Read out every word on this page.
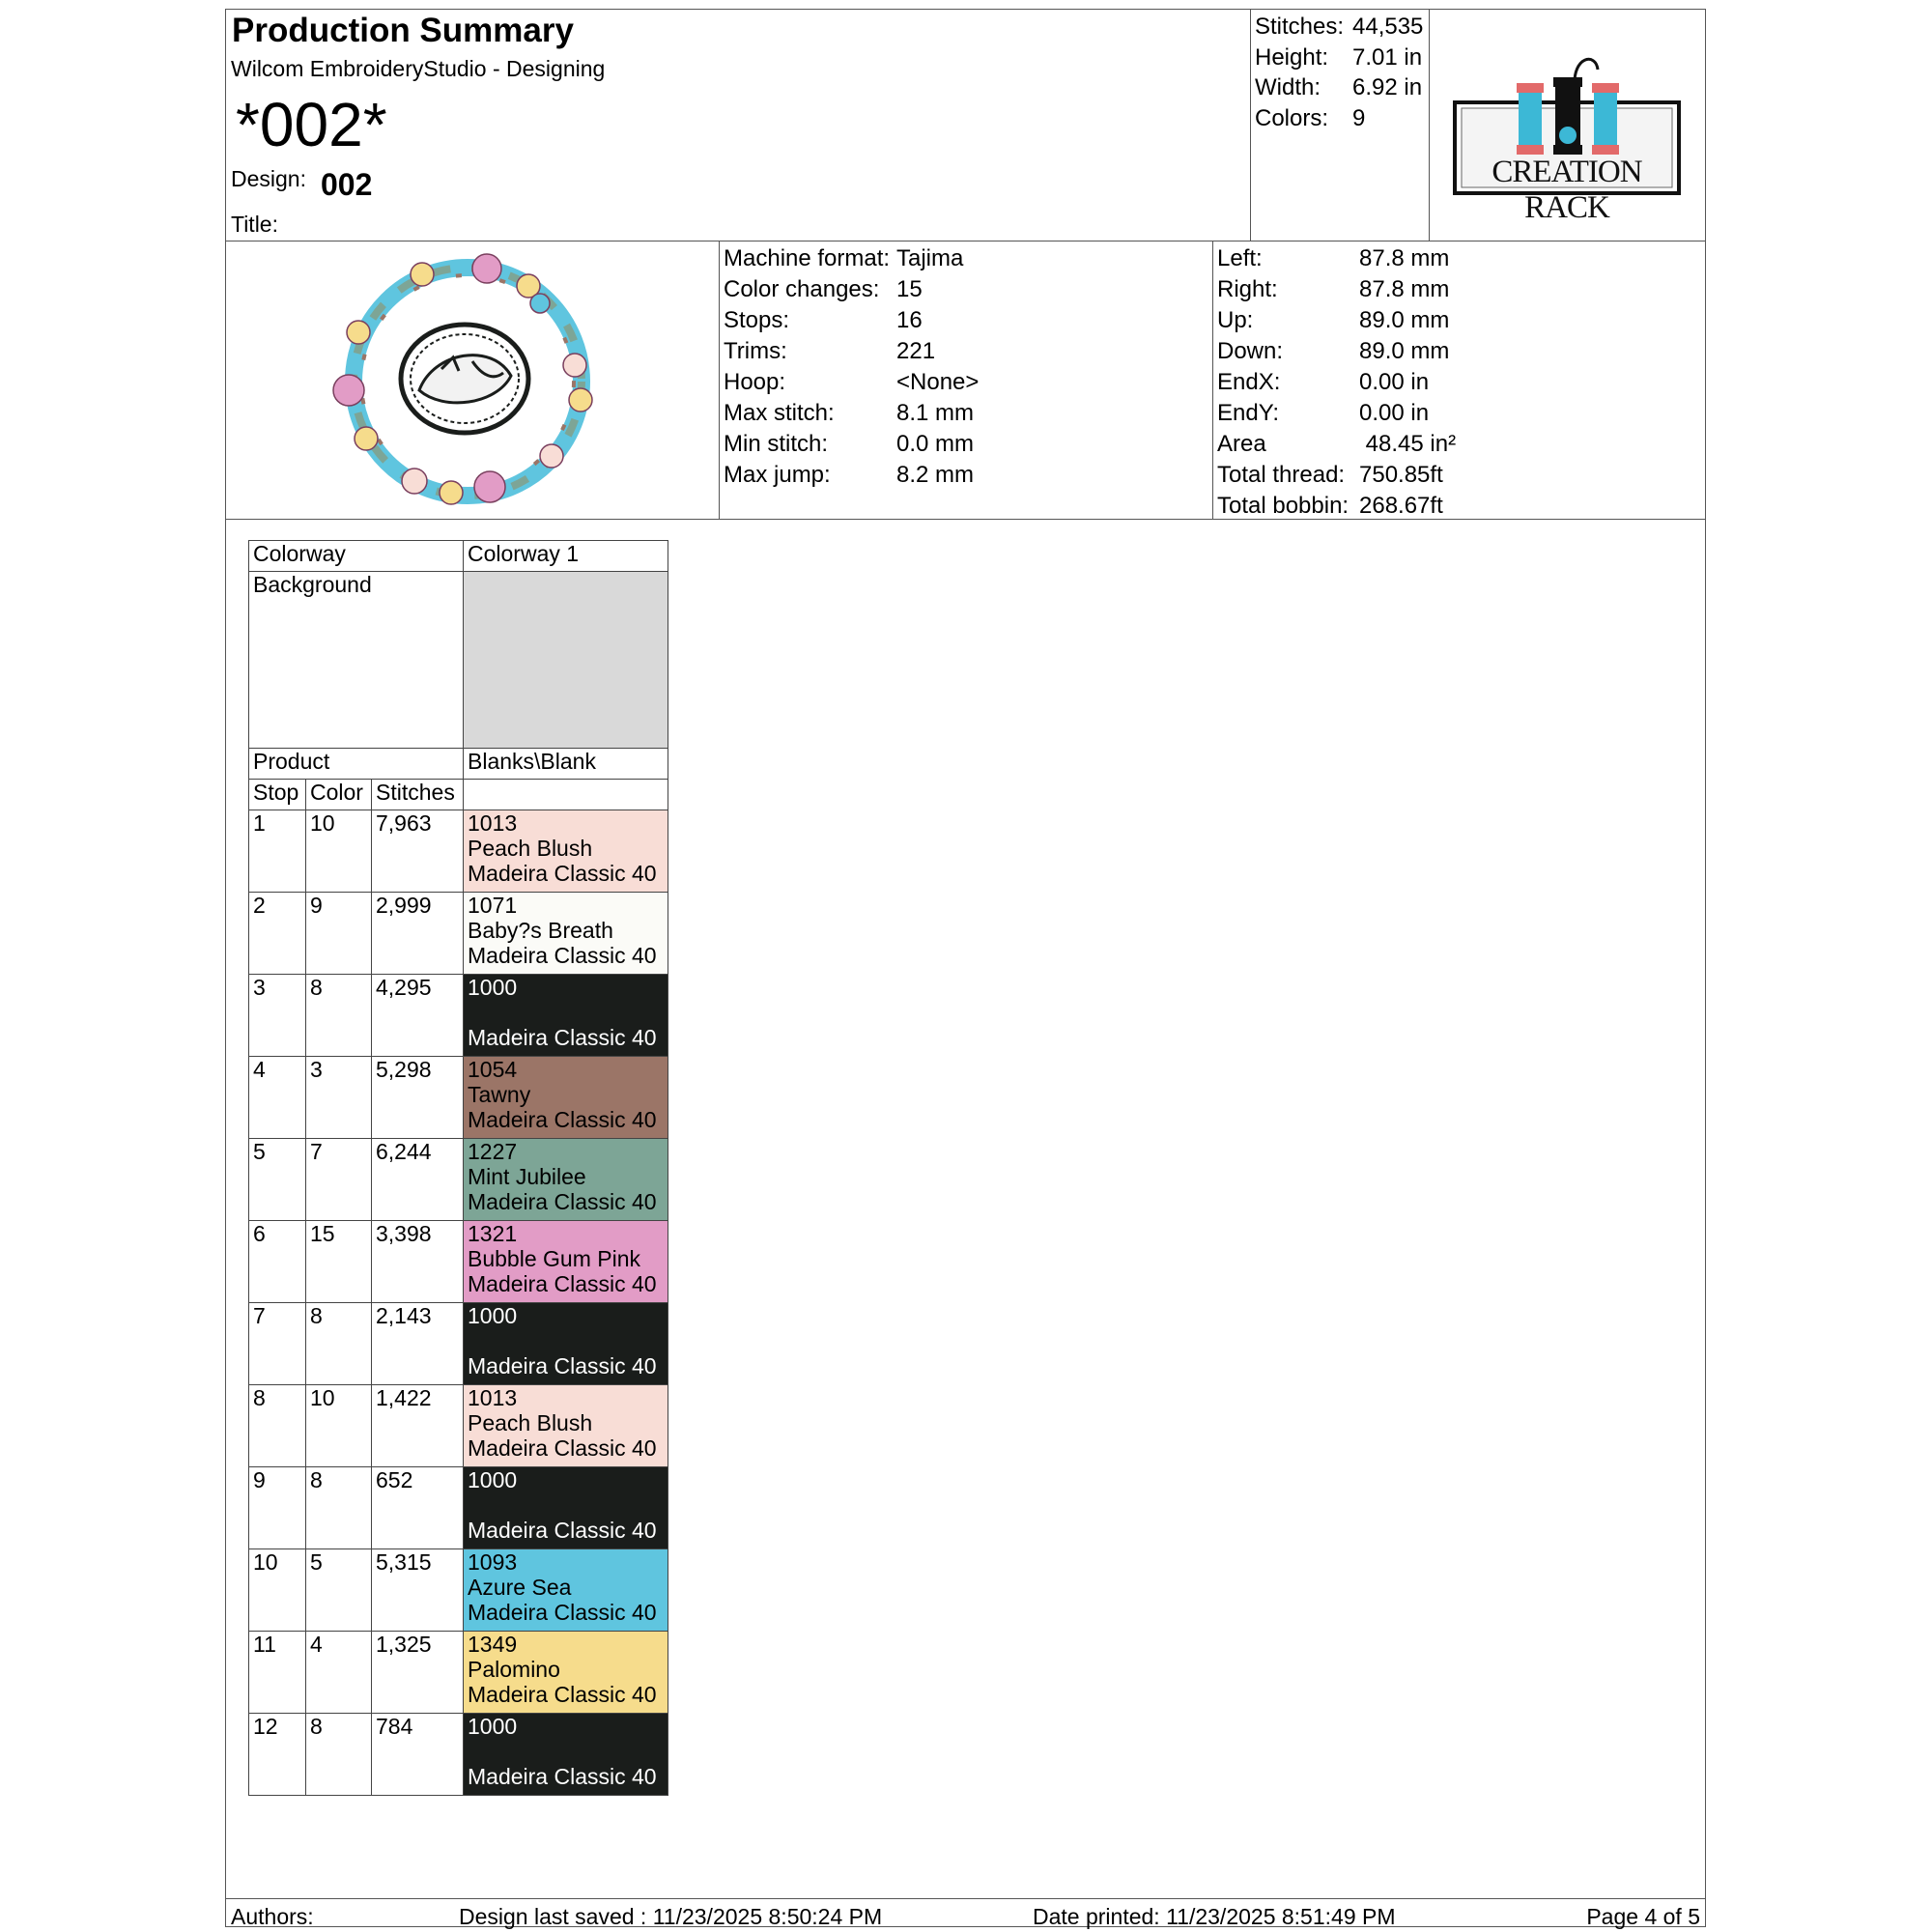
Production Summary
Wilcom EmbroideryStudio - Designing
*002*
Design: 002
Title:
Stitches: 44,535
Height: 7.01 in
Width: 6.92 in
Colors: 9
CREATION RACK
Machine format: Tajima
Color changes: 15
Stops:	16
Trims:	221
Hoop:	<None>
Max stitch:	8.1 mm
Min stitch:	0.0 mm
Max jump:	8.2 mm
Left:	87.8 mm
Right:	87.8 mm
Up:	89.0 mm
Down:	89.0 mm
EndX:	0.00 in
EndY:	0.00 in
Area	48.45 in²
Total thread: 750.85ft
Total bobbin: 268.67ft
Colorway			Colorway 1
Background			
Product			Blanks\Blank
Stop	Color	Stitches	
1	10	7,963	1013
Peach Blush
Madeira Classic 40

2	9	2,999	1071
Baby?s Breath
Madeira Classic 40

3	8	4,295	1000
Madeira Classic 40

4	3	5,298	1054
Tawny
Madeira Classic 40

5	7	6,244	1227
Mint Jubilee
Madeira Classic 40

6	15	3,398	1321
Bubble Gum Pink
Madeira Classic 40

7	8	2,143	1000
Madeira Classic 40

8	10	1,422	1013
Peach Blush
Madeira Classic 40

9	8	652	1000
Madeira Classic 40

10	5	5,315	1093
Azure Sea
Madeira Classic 40

11	4	1,325	1349
Palomino
Madeira Classic 40

12	8	784	1000
Madeira Classic 40
Authors:	Design last saved : 11/23/2025 8:50:24 PM	Date printed: 11/23/2025 8:51:49 PM	Page 4 of 5
